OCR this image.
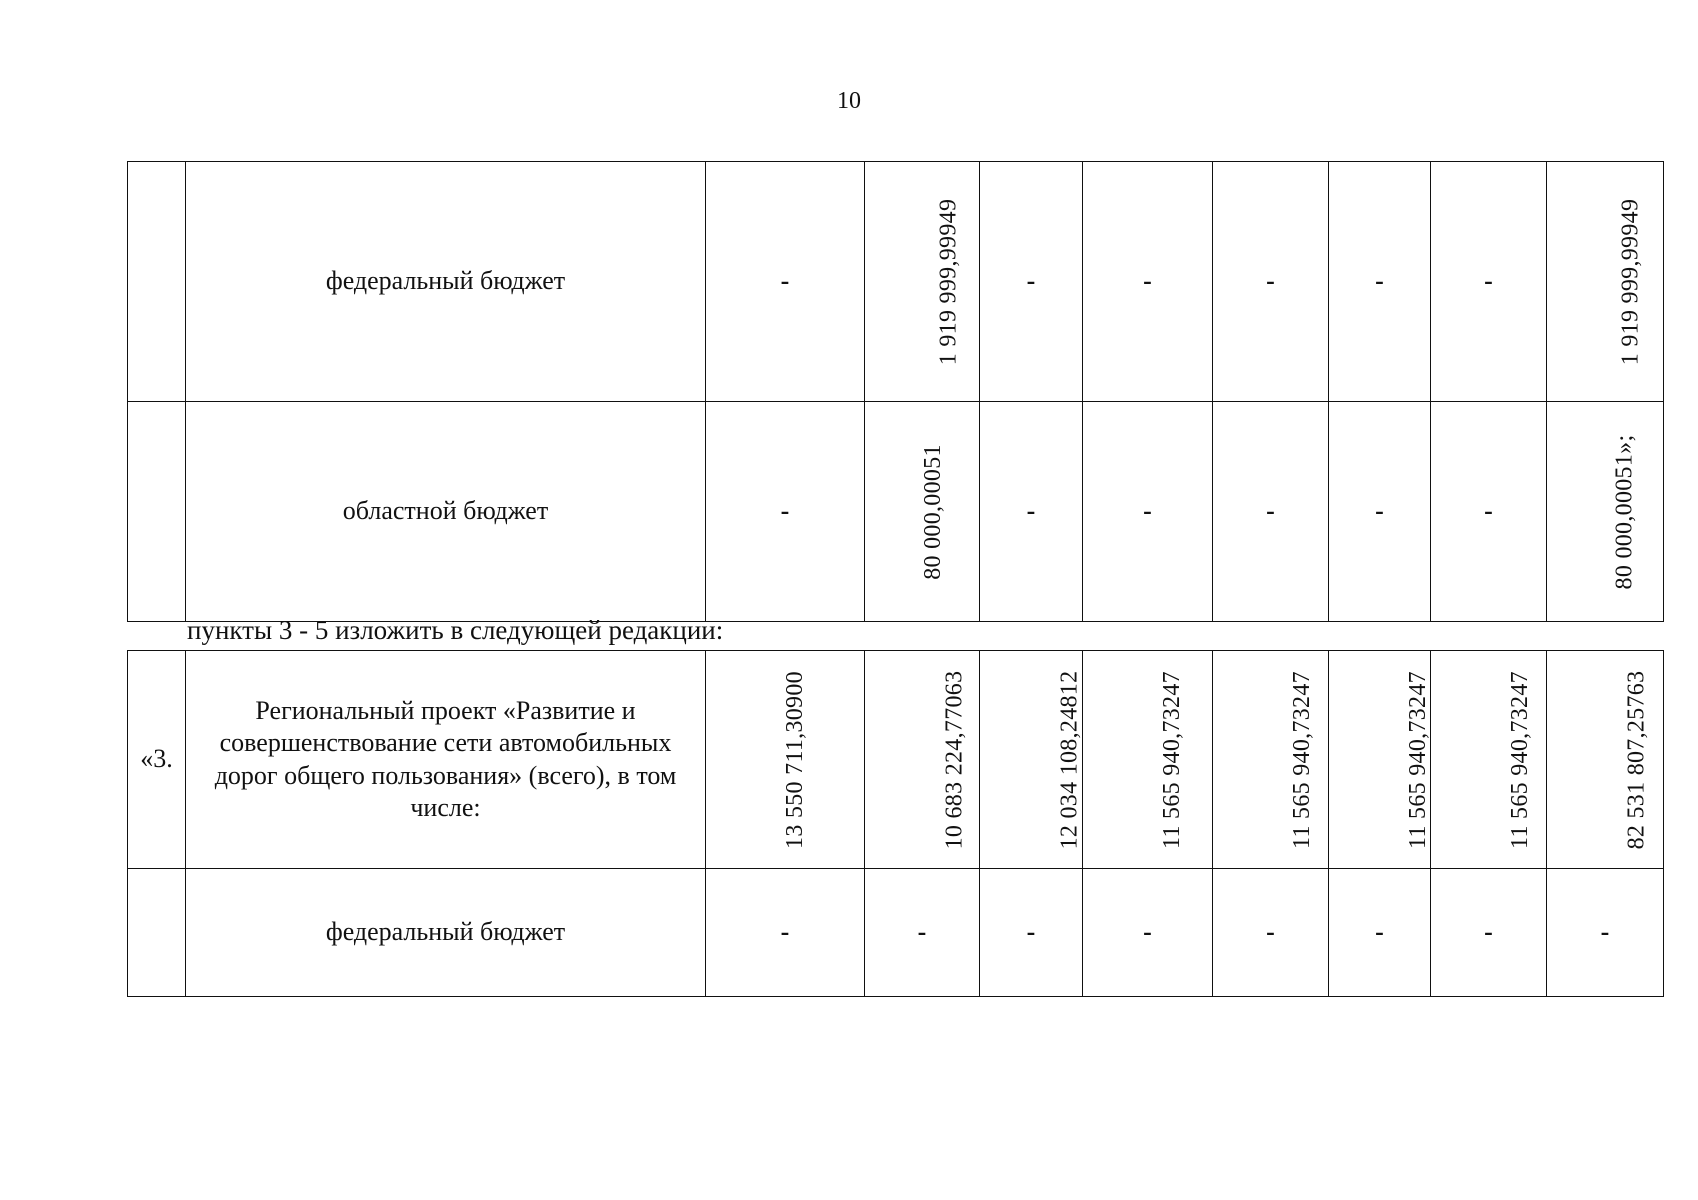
10
	федеральный бюджет	-	1 919 999,99949	-	-	-	-	-	1 919 999,99949
	областной бюджет	-	80 000,00051	-	-	-	-	-	80 000,00051»;
пункты 3 - 5 изложить в следующей редакции:
«3.	Региональный проект «Развитие и совершенствование сети автомобильных дорог общего пользования» (всего), в том числе:	13 550 711,30900	10 683 224,77063	12 034 108,24812	11 565 940,73247	11 565 940,73247	11 565 940,73247	11 565 940,73247	82 531 807,25763
	федеральный бюджет	-	-	-	-	-	-	-	-
